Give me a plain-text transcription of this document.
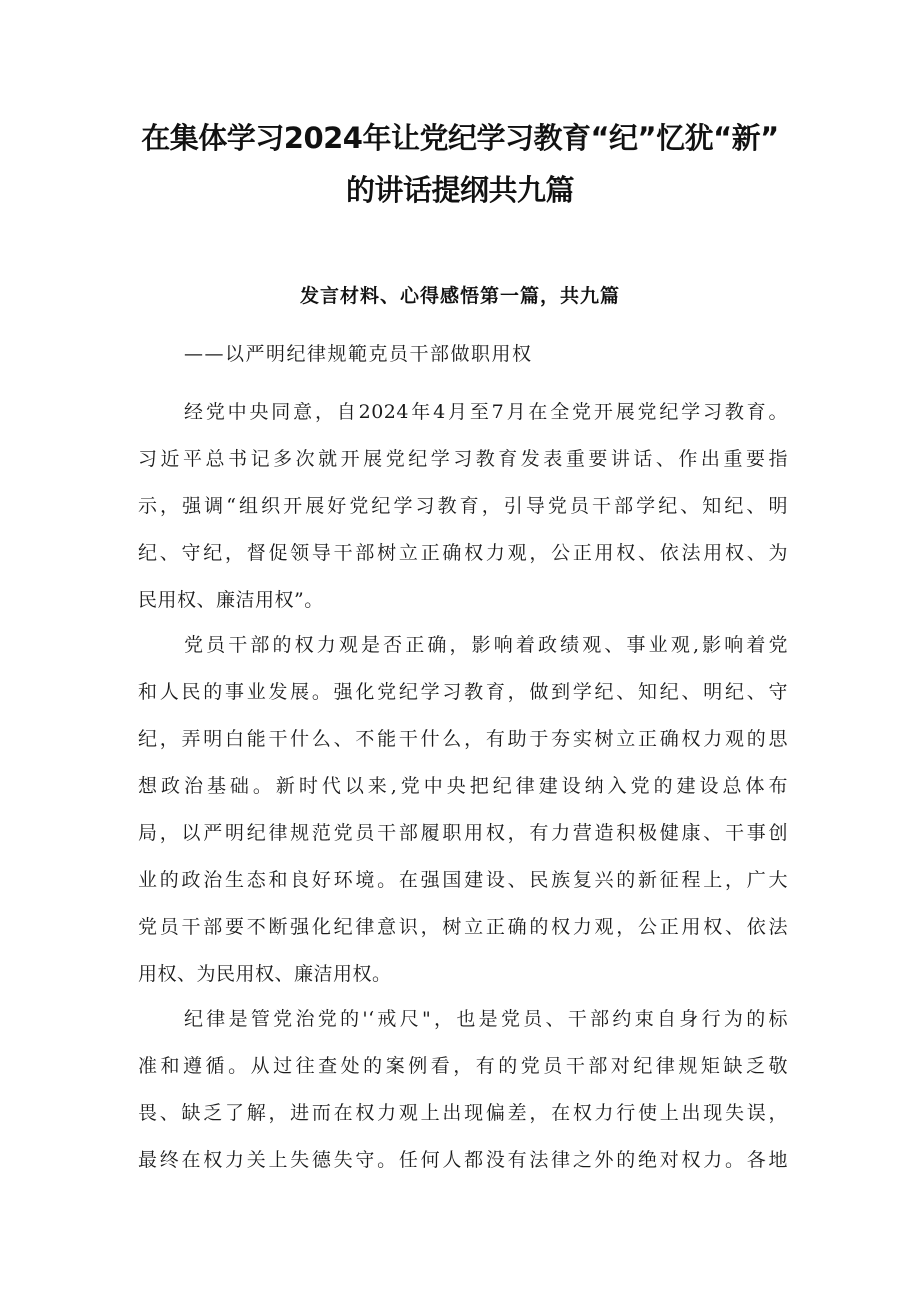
在集体学习2024年让党纪学习教育“纪”忆犹“新”
的讲话提纲共九篇
发言材料、心得感悟第一篇，共九篇

——以严明纪律规範克员干部做职用权

经党中央同意，自2024年4月至7月在全党开展党纪学习教育。
习近平总书记多次就开展党纪学习教育发表重要讲话、作出重要指
示，强调“组织开展好党纪学习教育，引导党员干部学纪、知纪、明
纪、守纪，督促领导干部树立正确权力观，公正用权、依法用权、为
民用权、廉洁用权”。
党员干部的权力观是否正确，影响着政绩观、事业观,影响着党
和人民的事业发展。强化党纪学习教育，做到学纪、知纪、明纪、守
纪，弄明白能干什么、不能干什么，有助于夯实树立正确权力观的思
想政治基础。新时代以来,党中央把纪律建设纳入党的建设总体布
局，以严明纪律规范党员干部履职用权，有力营造积极健康、干事创
业的政治生态和良好环境。在强国建设、民族复兴的新征程上，广大
党员干部要不断强化纪律意识，树立正确的权力观，公正用权、依法
用权、为民用权、廉洁用权。
纪律是管党治党的'‘戒尺"，也是党员、干部约束自身行为的标
准和遵循。从过往查处的案例看，有的党员干部对纪律规矩缺乏敬
畏、缺乏了解，进而在权力观上出现偏差，在权力行使上出现失误，
最终在权力关上失德失守。任何人都没有法律之外的绝对权力。各地
